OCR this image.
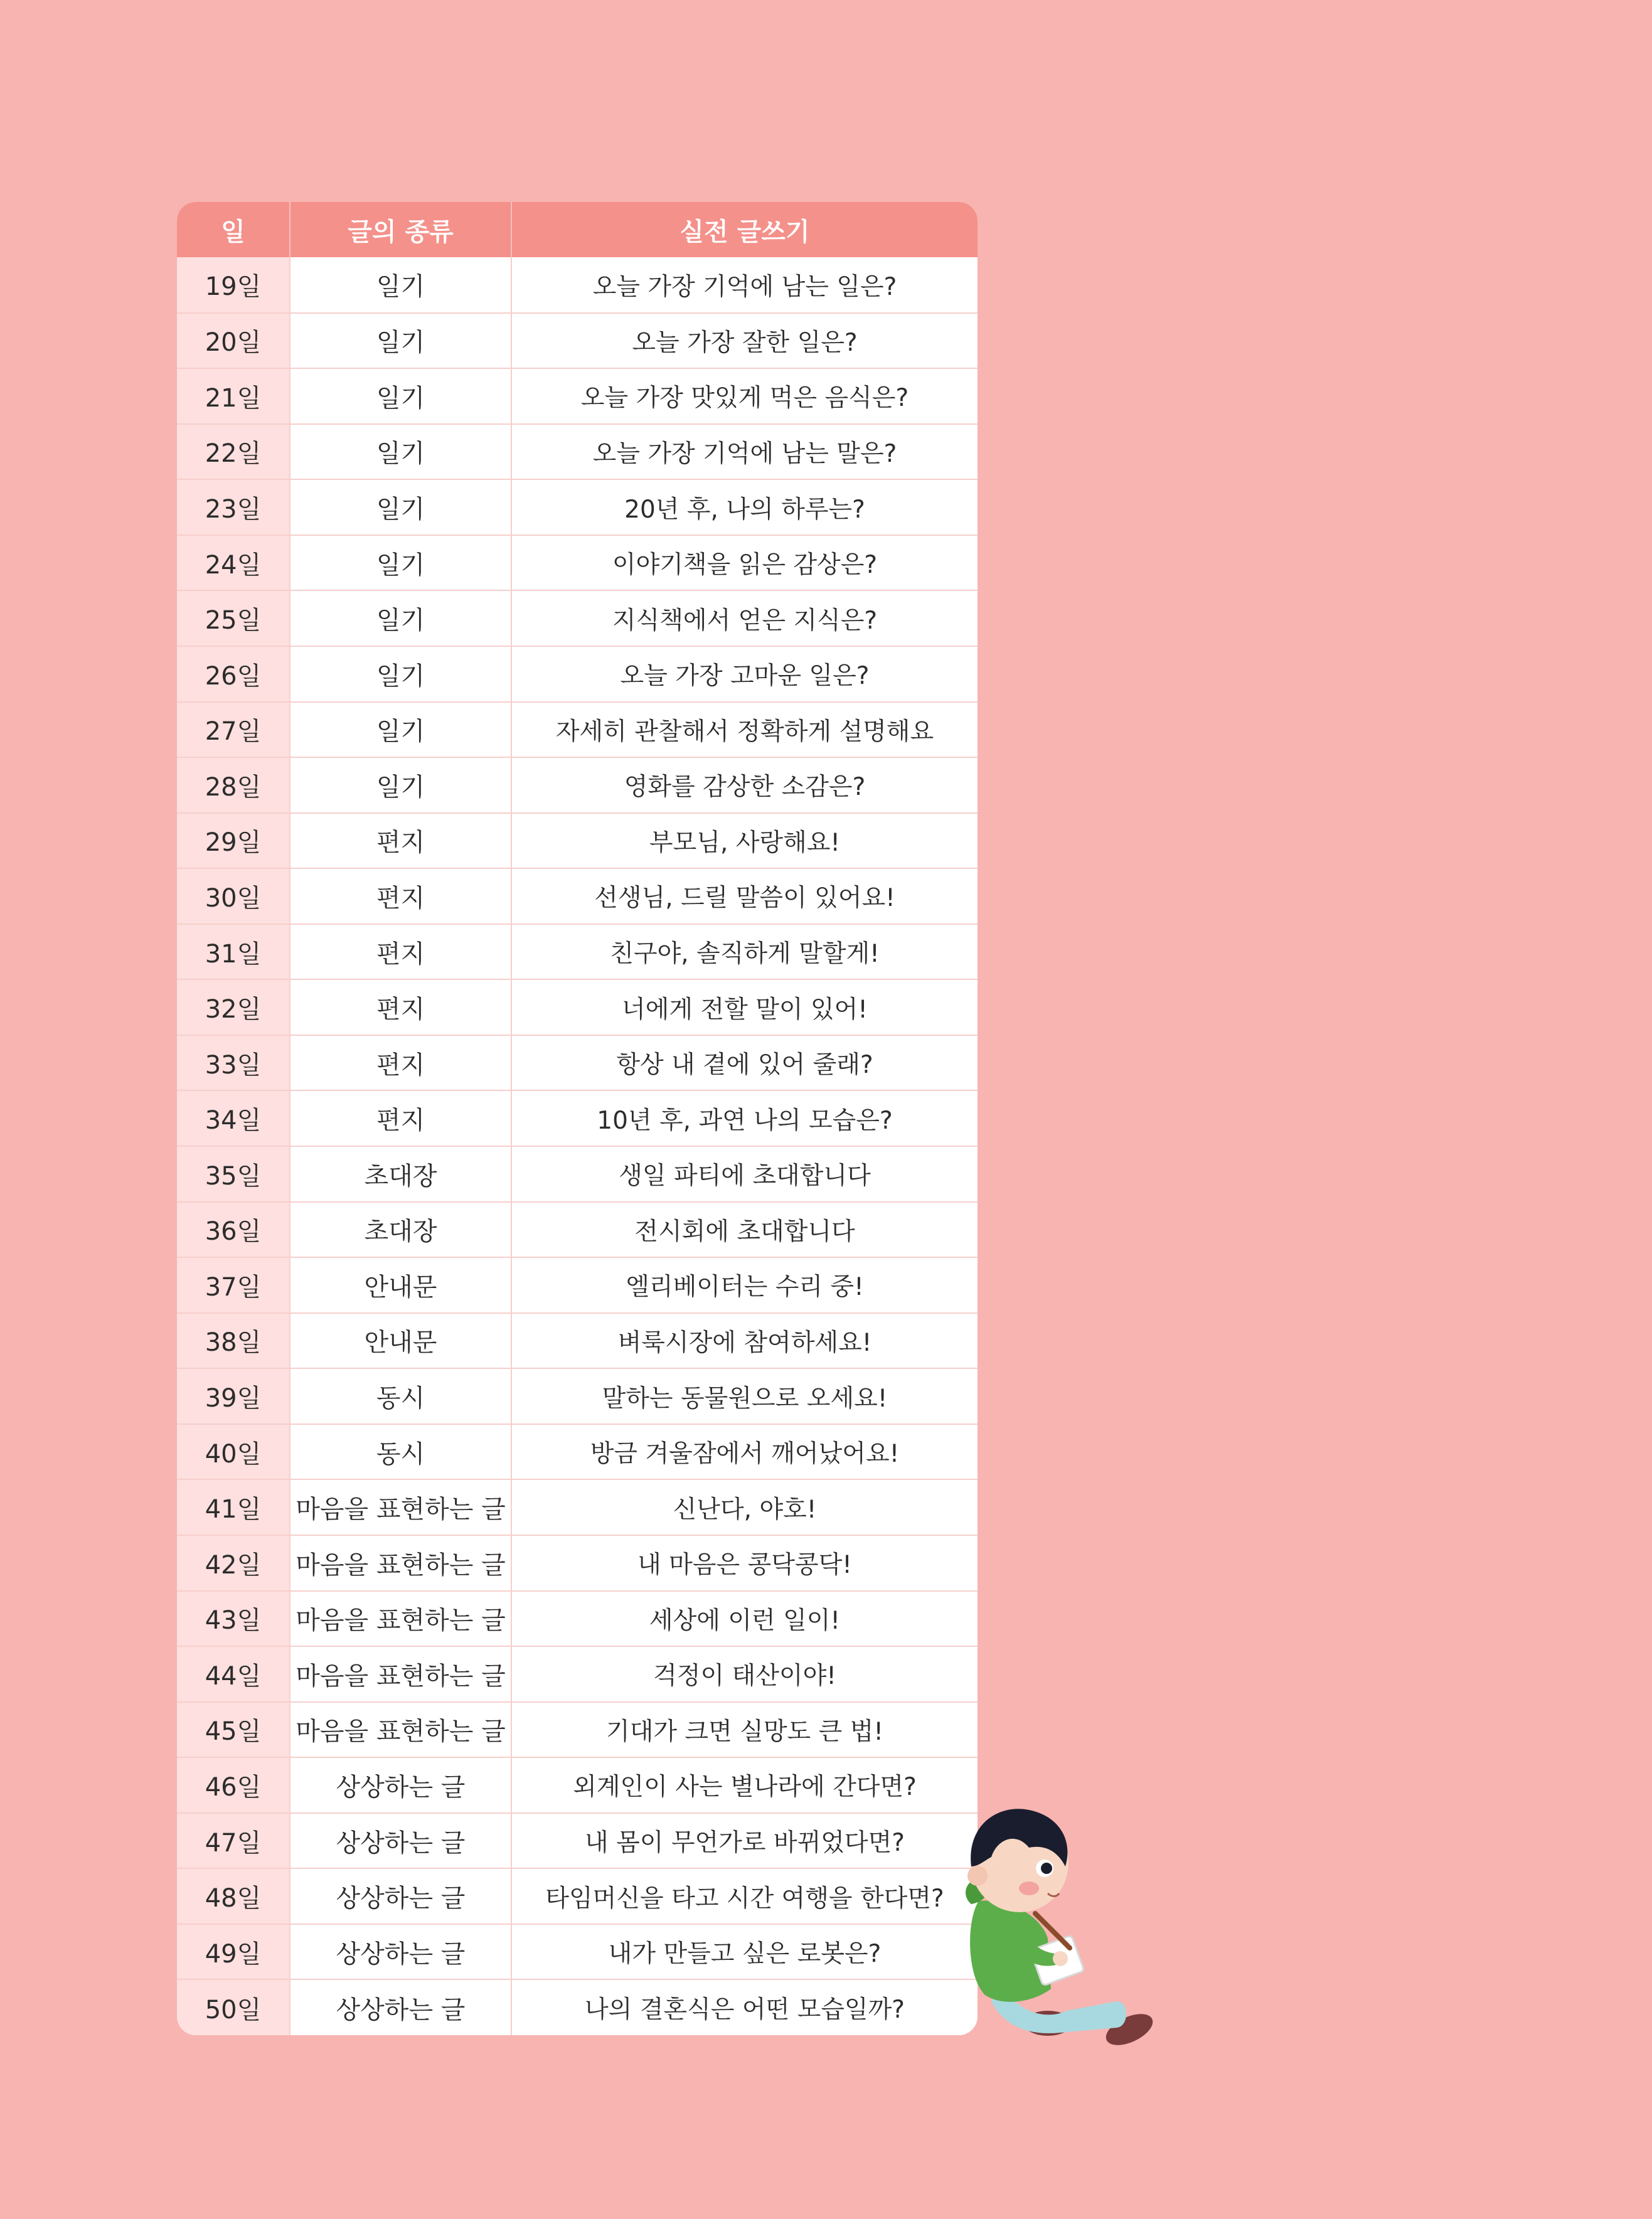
일	글의 종류	실전 글쓰기
19일	일기	오늘 가장 기억에 남는 일은?
20일	일기	오늘 가장 잘한 일은?
21일	일기	오늘 가장 맛있게 먹은 음식은?
22일	일기	오늘 가장 기억에 남는 말은?
23일	일기	20년 후, 나의 하루는?
24일	일기	이야기책을 읽은 감상은?
25일	일기	지식책에서 얻은 지식은?
26일	일기	오늘 가장 고마운 일은?
27일	일기	자세히 관찰해서 정확하게 설명해요
28일	일기	영화를 감상한 소감은?
29일	편지	부모님, 사랑해요!
30일	편지	선생님, 드릴 말씀이 있어요!
31일	편지	친구야, 솔직하게 말할게!
32일	편지	너에게 전할 말이 있어!
33일	편지	항상 내 곁에 있어 줄래?
34일	편지	10년 후, 과연 나의 모습은?
35일	초대장	생일 파티에 초대합니다
36일	초대장	전시회에 초대합니다
37일	안내문	엘리베이터는 수리 중!
38일	안내문	벼룩시장에 참여하세요!
39일	동시	말하는 동물원으로 오세요!
40일	동시	방금 겨울잠에서 깨어났어요!
41일	마음을 표현하는 글	신난다, 야호!
42일	마음을 표현하는 글	내 마음은 콩닥콩닥!
43일	마음을 표현하는 글	세상에 이런 일이!
44일	마음을 표현하는 글	걱정이 태산이야!
45일	마음을 표현하는 글	기대가 크면 실망도 큰 법!
46일	상상하는 글	외계인이 사는 별나라에 간다면?
47일	상상하는 글	내 몸이 무언가로 바뀌었다면?
48일	상상하는 글	타임머신을 타고 시간 여행을 한다면?
49일	상상하는 글	내가 만들고 싶은 로봇은?
50일	상상하는 글	나의 결혼식은 어떤 모습일까?
